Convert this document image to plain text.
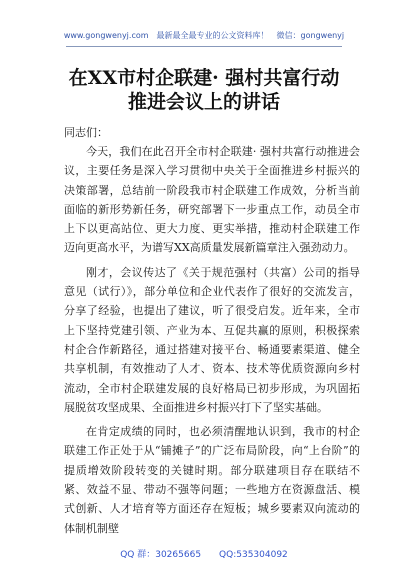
www.gongwenyj.com 最新最全最专业的公文资料库！ 微信：gongwenyj
在XX市村企联建· 强村共富行动推进会议上的讲话
同志们：

今天，我们在此召开全市村企联建· 强村共富行动推进会议，主要任务是深入学习贯彻中央关于全面推进乡村振兴的决策部署，总结前一阶段我市村企联建工作成效，分析当前面临的新形势新任务，研究部署下一步重点工作，动员全市上下以更高站位、更大力度、更实举措，推动村企联建工作迈向更高水平，为谱写XX高质量发展新篇章注入强劲动力。

刚才，会议传达了《关于规范强村（共富）公司的指导意见（试行）》，部分单位和企业代表作了很好的交流发言，分享了经验，也提出了建议，听了很受启发。近年来，全市上下坚持党建引领、产业为本、互促共赢的原则，积极探索村企合作新路径，通过搭建对接平台、畅通要素渠道、健全共享机制，有效推动了人才、资本、技术等优质资源向乡村流动，全市村企联建发展的良好格局已初步形成，为巩固拓展脱贫攻坚成果、全面推进乡村振兴打下了坚实基础。

在肯定成绩的同时，也必须清醒地认识到，我市的村企联建工作正处于从“铺摊子”的广泛布局阶段，向“上台阶”的提质增效阶段转变的关键时期。部分联建项目存在联结不紧、效益不显、带动不强等问题；一些地方在资源盘活、模式创新、人才培育等方面还存在短板；城乡要素双向流动的体制机制壁

QQ 群：30265665 QQ:535304092
